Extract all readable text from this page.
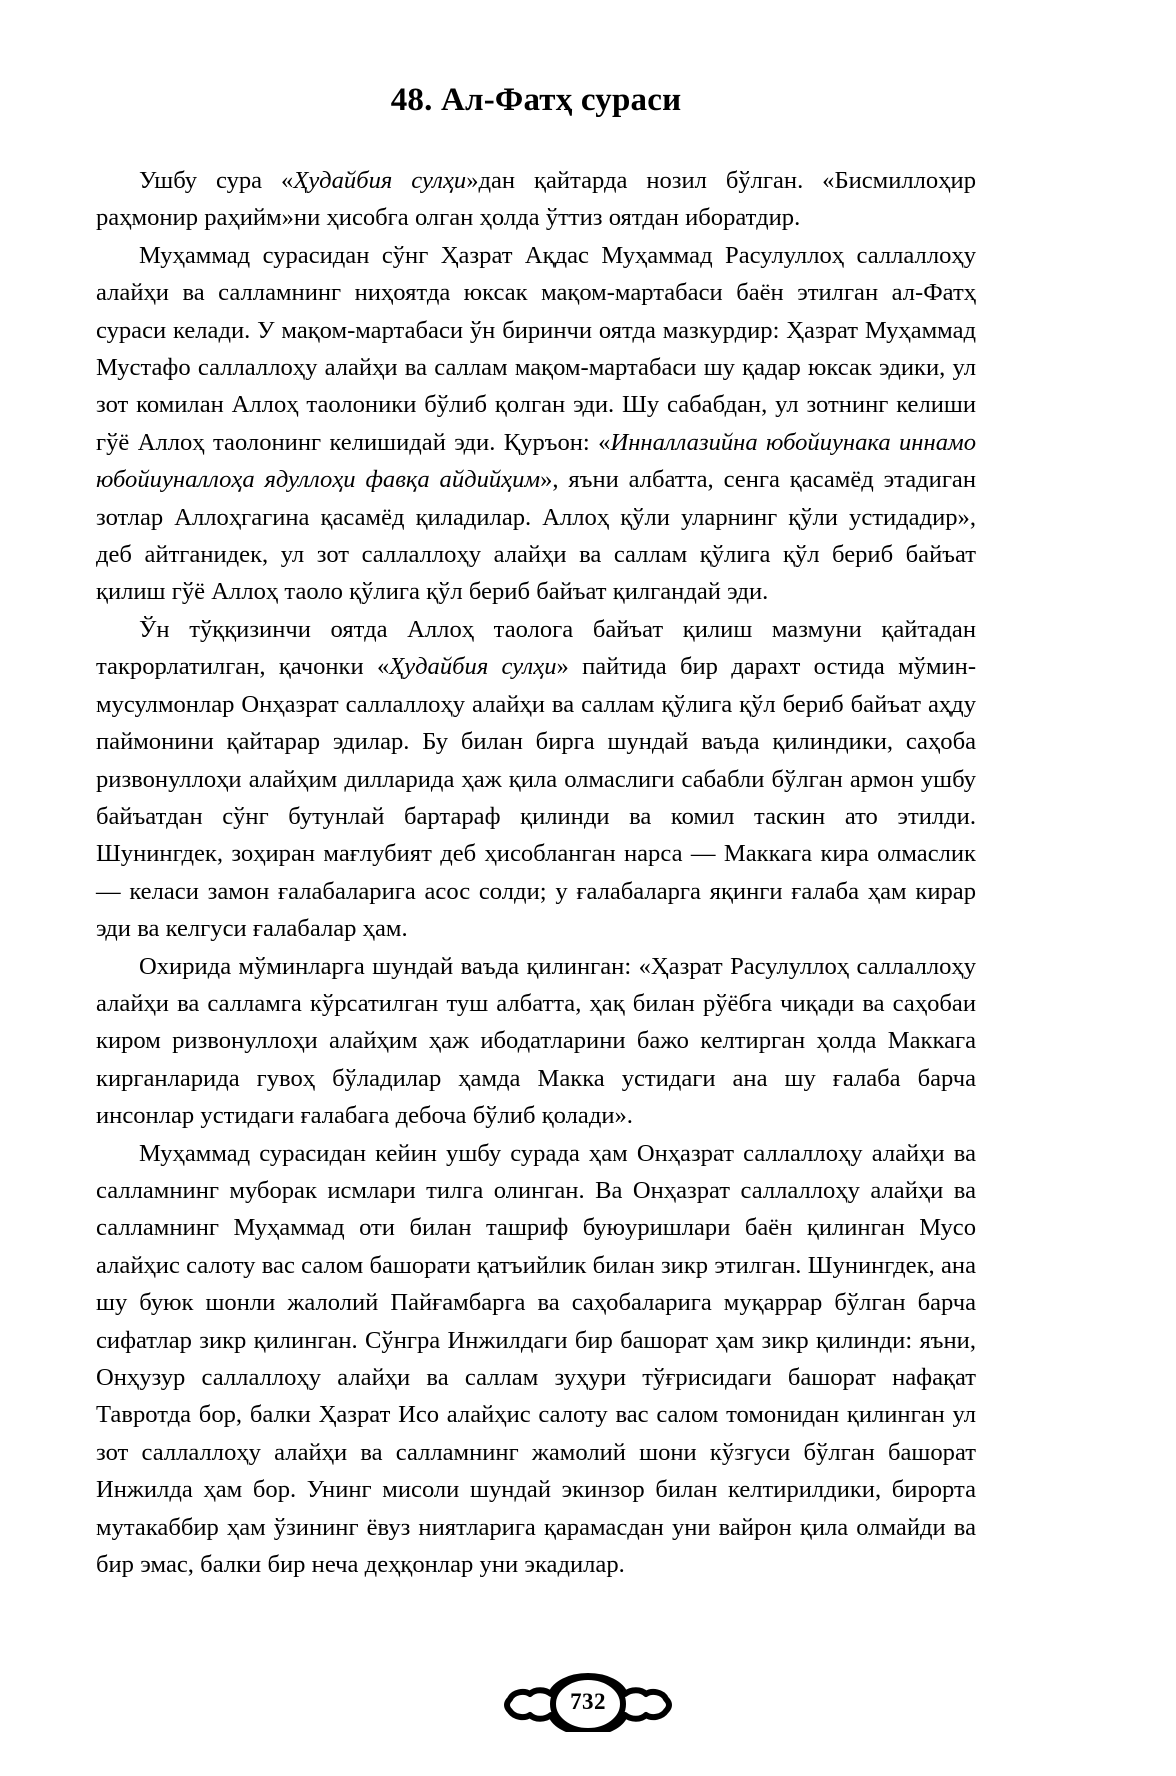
48. Ал-Фатҳ сураси

Ушбу сура «Ҳудайбия сулҳи»дан қайтарда нозил бўлган. «Бисмиллоҳир раҳмонир раҳийм»ни ҳисобга олган ҳолда ўттиз оятдан иборатдир.

Муҳаммад сурасидан сўнг Ҳазрат Ақдас Муҳаммад Расулуллоҳ саллаллоҳу алайҳи ва салламнинг ниҳоятда юксак мақом-мартабаси баён этилган ал-Фатҳ сураси келади. У мақом-мартабаси ўн биринчи оятда мазкурдир: Ҳазрат Муҳаммад Мустафо саллаллоҳу алайҳи ва саллам мақом-мартабаси шу қадар юксак эдики, ул зот комилан Аллоҳ таолоники бўлиб қолган эди. Шу сабабдан, ул зотнинг келиши гўё Аллоҳ таолонинг келишидай эди. Қуръон: «Инналлазийна юбойиунака иннамо юбойиуналлоҳа ядуллоҳи фавқа айдийҳим», яъни албатта, сенга қасамёд этадиган зотлар Аллоҳгагина қасамёд қиладилар. Аллоҳ қўли уларнинг қўли устидадир», деб айтганидек, ул зот саллаллоҳу алайҳи ва саллам қўлига қўл бериб байъат қилиш гўё Аллоҳ таоло қўлига қўл бериб байъат қилгандай эди.

Ўн тўққизинчи оятда Аллоҳ таолога байъат қилиш мазмуни қайтадан такрорлатилган, қачонки «Ҳудайбия сулҳи» пайтида бир дарахт остида мўмин-мусулмонлар Онҳазрат саллаллоҳу алайҳи ва саллам қўлига қўл бериб байъат аҳду паймонини қайтарар эдилар. Бу билан бирга шундай ваъда қилиндики, саҳоба ризвонуллоҳи алайҳим дилларида ҳаж қила олмаслиги сабабли бўлган армон ушбу байъатдан сўнг бутунлай бартараф қилинди ва комил таскин ато этилди. Шунингдек, зоҳиран мағлубият деб ҳисобланган нарса — Маккага кира олмаслик — келаси замон ғалабаларига асос солди; у ғалабаларга яқинги ғалаба ҳам кирар эди ва келгуси ғалабалар ҳам.

Охирида мўминларга шундай ваъда қилинган: «Ҳазрат Расулуллоҳ саллаллоҳу алайҳи ва салламга кўрсатилган туш албатта, ҳақ билан рўёбга чиқади ва саҳобаи киром ризвонуллоҳи алайҳим ҳаж ибодатларини бажо келтирган ҳолда Маккага кирганларида гувоҳ бўладилар ҳамда Макка устидаги ана шу ғалаба барча инсонлар устидаги ғалабага дебоча бўлиб қолади».

Муҳаммад сурасидан кейин ушбу сурада ҳам Онҳазрат саллаллоҳу алайҳи ва салламнинг муборак исмлари тилга олинган. Ва Онҳазрат саллаллоҳу алайҳи ва салламнинг Муҳаммад оти билан ташриф буюуришлари баён қилинган Мусо алайҳис салоту вас салом башорати қатъийлик билан зикр этилган. Шунингдек, ана шу буюк шонли жалолий Пайғамбарга ва саҳобаларига муқаррар бўлган барча сифатлар зикр қилинган. Сўнгра Инжилдаги бир башорат ҳам зикр қилинди: яъни, Онҳузур саллаллоҳу алайҳи ва саллам зуҳури тўғрисидаги башорат нафақат Тавротда бор, балки Ҳазрат Исо алайҳис салоту вас салом томонидан қилинган ул зот саллаллоҳу алайҳи ва салламнинг жамолий шони кўзгуси бўлган башорат Инжилда ҳам бор. Унинг мисоли шундай экинзор билан келтирилдики, бирорта мутакаббир ҳам ўзининг ёвуз ниятларига қарамасдан уни вайрон қила олмайди ва бир эмас, балки бир неча деҳқонлар уни экадилар.

732
